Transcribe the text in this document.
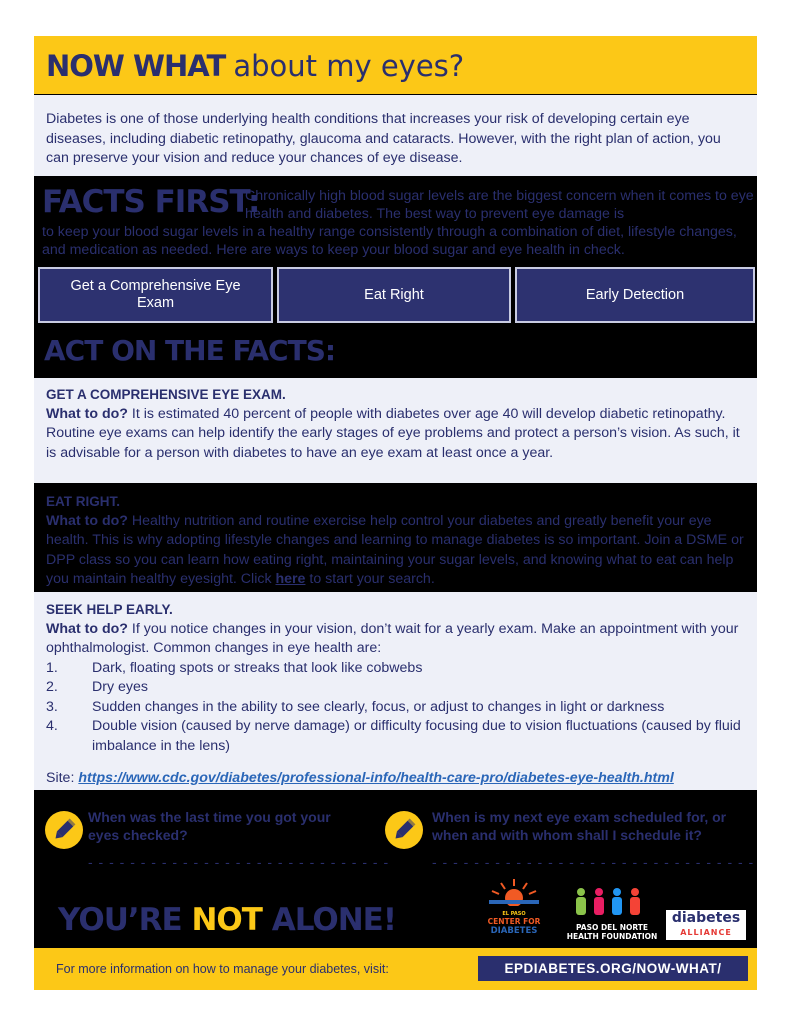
NOW WHAT about my eyes?
Diabetes is one of those underlying health conditions that increases your risk of developing certain eye diseases, including diabetic retinopathy, glaucoma and cataracts. However, with the right plan of action, you can preserve your vision and reduce your chances of eye disease.
FACTS FIRST:
Chronically high blood sugar levels are the biggest concern when it comes to eye health and diabetes. The best way to prevent eye damage is
to keep your blood sugar levels in a healthy range consistently through a combination of diet, lifestyle changes, and medication as needed. Here are ways to keep your blood sugar and eye health in check.
Get a Comprehensive Eye Exam
Eat Right	Early Detection
ACT ON THE FACTS:
GET A COMPREHENSIVE EYE EXAM.
What to do? It is estimated 40 percent of people with diabetes over age 40 will develop diabetic retinopathy. Routine eye exams can help identify the early stages of eye problems and protect a person’s vision. As such, it is advisable for a person with diabetes to have an eye exam at least once a year.
EAT RIGHT.
What to do? Healthy nutrition and routine exercise help control your diabetes and greatly benefit your eye health. This is why adopting lifestyle changes and learning to manage diabetes is so important. Join a DSME or DPP class so you can learn how eating right, maintaining your sugar levels, and knowing what to eat can help you maintain healthy eyesight. Click here to start your search.
SEEK HELP EARLY.
What to do? If you notice changes in your vision, don’t wait for a yearly exam. Make an appointment with your ophthalmologist. Common changes in eye health are:
1. Dark, floating spots or streaks that look like cobwebs
2. Dry eyes
3. Sudden changes in the ability to see clearly, focus, or adjust to changes in light or darkness
4. Double vision (caused by nerve damage) or difficulty focusing due to vision fluctuations (caused by fluid imbalance in the lens)
Site: https://www.cdc.gov/diabetes/professional-info/health-care-pro/diabetes-eye-health.html
When was the last time you got your eyes checked?
- - - - - - - - - - - - - - - - - - - - - - - - - - - - -
When is my next eye exam scheduled for, or when and with whom shall I schedule it?
- - - - - - - - - - - - - - - - - - - - - - - - - - - - - - -
YOU’RE NOT ALONE!	EL PASO
CENTER FOR
DIABETES	PASO DEL NORTE
HEALTH FOUNDATION
diabetes
ALLIANCE
For more information on how to manage your diabetes, visit:	EPDIABETES.ORG/NOW-WHAT/
